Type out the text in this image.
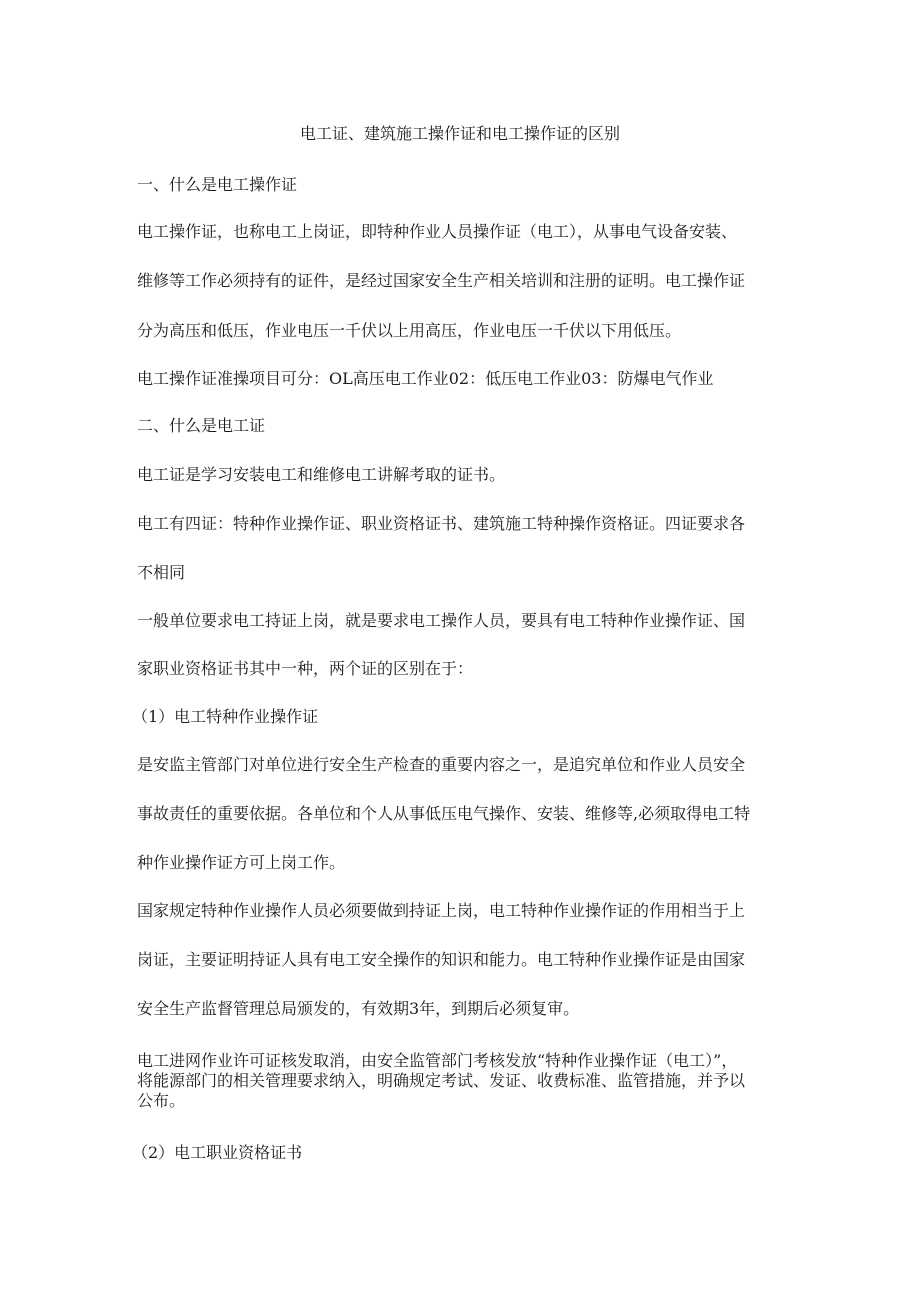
电工证、建筑施工操作证和电工操作证的区别

一、什么是电工操作证

电工操作证，也称电工上岗证，即特种作业人员操作证（电工），从事电气设备安装、

维修等工作必须持有的证件，是经过国家安全生产相关培训和注册的证明。电工操作证

分为高压和低压，作业电压一千伏以上用高压，作业电压一千伏以下用低压。

电工操作证准操项目可分：OL高压电工作业02：低压电工作业03：防爆电气作业

二、什么是电工证

电工证是学习安装电工和维修电工讲解考取的证书。

电工有四证：特种作业操作证、职业资格证书、建筑施工特种操作资格证。四证要求各

不相同

一般单位要求电工持证上岗，就是要求电工操作人员，要具有电工特种作业操作证、国

家职业资格证书其中一种，两个证的区别在于：

（1）电工特种作业操作证

是安监主管部门对单位进行安全生产检查的重要内容之一，是追究单位和作业人员安全

事故责任的重要依据。各单位和个人从事低压电气操作、安装、维修等,必须取得电工特

种作业操作证方可上岗工作。

国家规定特种作业操作人员必须要做到持证上岗，电工特种作业操作证的作用相当于上

岗证，主要证明持证人具有电工安全操作的知识和能力。电工特种作业操作证是由国家

安全生产监督管理总局颁发的，有效期3年，到期后必须复审。

电工进网作业许可证核发取消，由安全监管部门考核发放“特种作业操作证（电工）”，
将能源部门的相关管理要求纳入，明确规定考试、发证、收费标准、监管措施，并予以
公布。

（2）电工职业资格证书
